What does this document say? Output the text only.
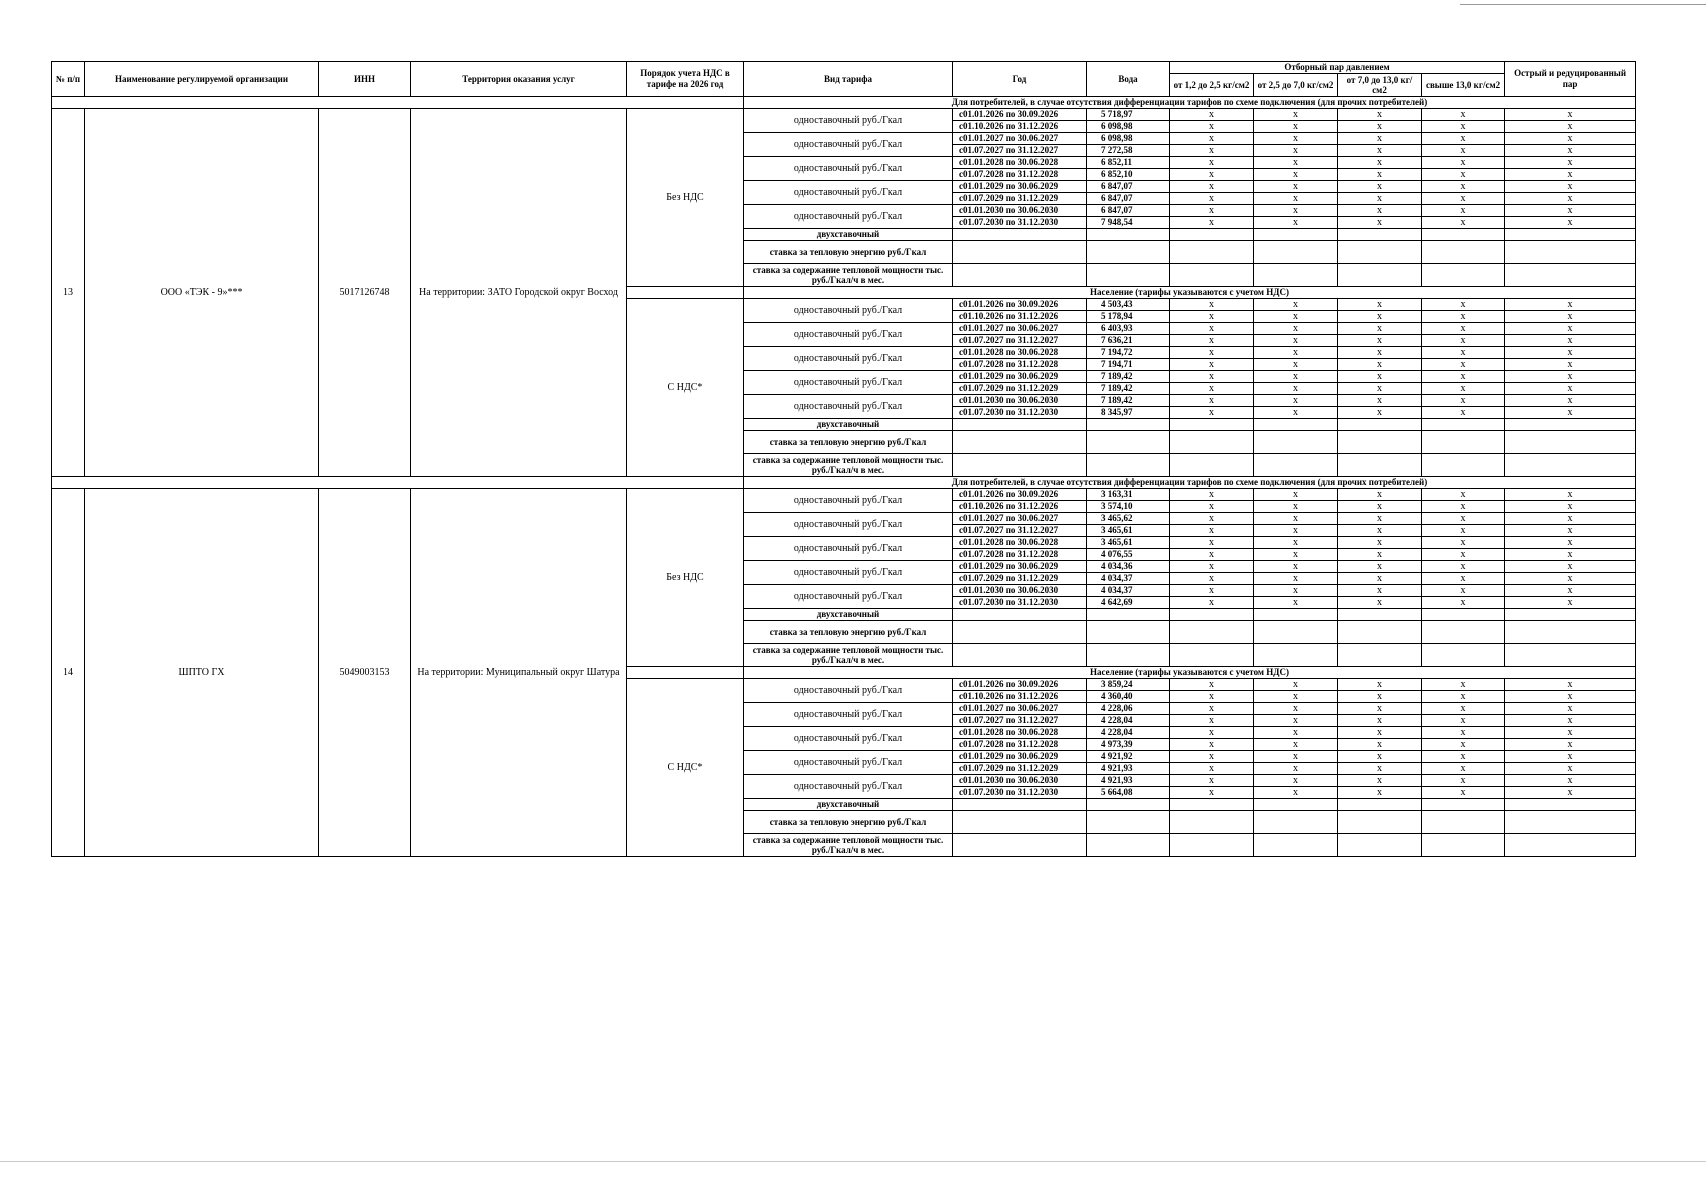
№ п/п	Наименование регулируемой организации	ИНН	Территория оказания услуг	Порядок учета НДС в тарифе на 2026 год	Вид тарифа	Год	Вода	Отборный пар давлением				Острый и редуцированный пар
								от 1,2 до 2,5 кг/см2	от 2,5 до 7,0 кг/см2	от 7,0 до 13,0 кг/см2	свыше 13,0 кг/см2	
					Для потребителей, в случае отсутствия дифференциации тарифов по схеме подключения (для прочих потребителей)							
13	ООО «ТЭК - 9»***	5017126748	На территории: ЗАТО Городской округ Восход	Без НДС	одноставочный руб./Гкал	с01.01.2026 по 30.09.2026	5 718,97	x	x	x	x	x
						с01.10.2026 по 31.12.2026	6 098,98	x	x	x	x	x
					одноставочный руб./Гкал	с01.01.2027 по 30.06.2027	6 098,98	x	x	x	x	x
						с01.07.2027 по 31.12.2027	7 272,58	x	x	x	x	x
					одноставочный руб./Гкал	с01.01.2028 по 30.06.2028	6 852,11	x	x	x	x	x
						с01.07.2028 по 31.12.2028	6 852,10	x	x	x	x	x
					одноставочный руб./Гкал	с01.01.2029 по 30.06.2029	6 847,07	x	x	x	x	x
						с01.07.2029 по 31.12.2029	6 847,07	x	x	x	x	x
					одноставочный руб./Гкал	с01.01.2030 по 30.06.2030	6 847,07	x	x	x	x	x
						с01.07.2030 по 31.12.2030	7 948,54	x	x	x	x	x
					двухставочный							
					ставка за тепловую энергию руб./Гкал							
					ставка за содержание тепловой мощности тыс. руб./Гкал/ч в мес.							
					Население (тарифы указываются с учетом НДС)							
				С НДС*	одноставочный руб./Гкал	с01.01.2026 по 30.09.2026	4 503,43	x	x	x	x	x
						с01.10.2026 по 31.12.2026	5 178,94	x	x	x	x	x
					одноставочный руб./Гкал	с01.01.2027 по 30.06.2027	6 403,93	x	x	x	x	x
						с01.07.2027 по 31.12.2027	7 636,21	x	x	x	x	x
					одноставочный руб./Гкал	с01.01.2028 по 30.06.2028	7 194,72	x	x	x	x	x
						с01.07.2028 по 31.12.2028	7 194,71	x	x	x	x	x
					одноставочный руб./Гкал	с01.01.2029 по 30.06.2029	7 189,42	x	x	x	x	x
						с01.07.2029 по 31.12.2029	7 189,42	x	x	x	x	x
					одноставочный руб./Гкал	с01.01.2030 по 30.06.2030	7 189,42	x	x	x	x	x
						с01.07.2030 по 31.12.2030	8 345,97	x	x	x	x	x
					двухставочный							
					ставка за тепловую энергию руб./Гкал							
					ставка за содержание тепловой мощности тыс. руб./Гкал/ч в мес.							
					Для потребителей, в случае отсутствия дифференциации тарифов по схеме подключения (для прочих потребителей)							
14	ШПТО ГХ	5049003153	На территории: Муниципальный округ Шатура	Без НДС	одноставочный руб./Гкал	с01.01.2026 по 30.09.2026	3 163,31	x	x	x	x	x
						с01.10.2026 по 31.12.2026	3 574,10	x	x	x	x	x
					одноставочный руб./Гкал	с01.01.2027 по 30.06.2027	3 465,62	x	x	x	x	x
						с01.07.2027 по 31.12.2027	3 465,61	x	x	x	x	x
					одноставочный руб./Гкал	с01.01.2028 по 30.06.2028	3 465,61	x	x	x	x	x
						с01.07.2028 по 31.12.2028	4 076,55	x	x	x	x	x
					одноставочный руб./Гкал	с01.01.2029 по 30.06.2029	4 034,36	x	x	x	x	x
						с01.07.2029 по 31.12.2029	4 034,37	x	x	x	x	x
					одноставочный руб./Гкал	с01.01.2030 по 30.06.2030	4 034,37	x	x	x	x	x
						с01.07.2030 по 31.12.2030	4 642,69	x	x	x	x	x
					двухставочный							
					ставка за тепловую энергию руб./Гкал							
					ставка за содержание тепловой мощности тыс. руб./Гкал/ч в мес.							
					Население (тарифы указываются с учетом НДС)							
				С НДС*	одноставочный руб./Гкал	с01.01.2026 по 30.09.2026	3 859,24	x	x	x	x	x
						с01.10.2026 по 31.12.2026	4 360,40	x	x	x	x	x
					одноставочный руб./Гкал	с01.01.2027 по 30.06.2027	4 228,06	x	x	x	x	x
						с01.07.2027 по 31.12.2027	4 228,04	x	x	x	x	x
					одноставочный руб./Гкал	с01.01.2028 по 30.06.2028	4 228,04	x	x	x	x	x
						с01.07.2028 по 31.12.2028	4 973,39	x	x	x	x	x
					одноставочный руб./Гкал	с01.01.2029 по 30.06.2029	4 921,92	x	x	x	x	x
						с01.07.2029 по 31.12.2029	4 921,93	x	x	x	x	x
					одноставочный руб./Гкал	с01.01.2030 по 30.06.2030	4 921,93	x	x	x	x	x
						с01.07.2030 по 31.12.2030	5 664,08	x	x	x	x	x
					двухставочный							
					ставка за тепловую энергию руб./Гкал							
					ставка за содержание тепловой мощности тыс. руб./Гкал/ч в мес.							
